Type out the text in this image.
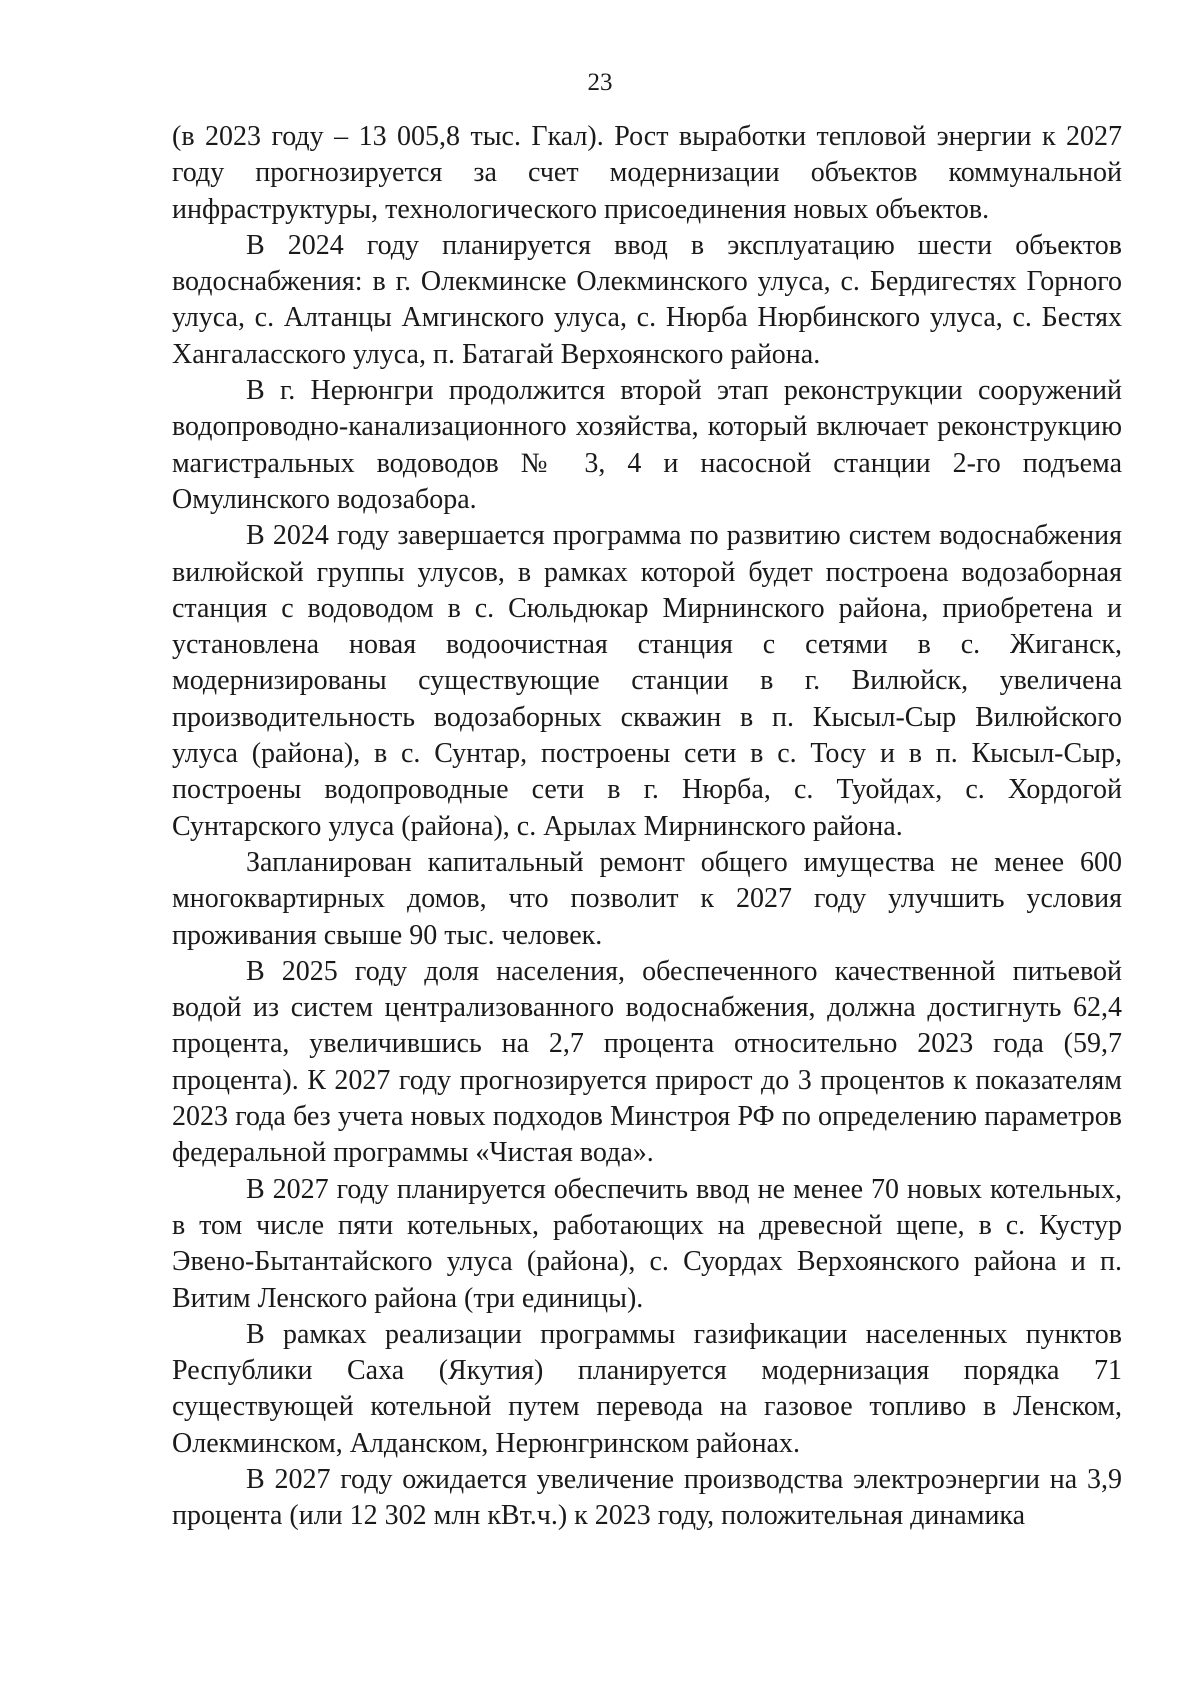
23

(в 2023 году – 13 005,8 тыс. Гкал). Рост выработки тепловой энергии к 2027 году прогнозируется за счет модернизации объектов коммунальной инфраструктуры, технологического присоединения новых объектов.

В 2024 году планируется ввод в эксплуатацию шести объектов водоснабжения: в г. Олекминске Олекминского улуса, с. Бердигестях Горного улуса, с. Алтанцы Амгинского улуса, с. Нюрба Нюрбинского улуса, с. Бестях Хангаласского улуса, п. Батагай Верхоянского района.

В г. Нерюнгри продолжится второй этап реконструкции сооружений водопроводно-канализационного хозяйства, который включает реконструкцию магистральных водоводов № 3, 4 и насосной станции 2-го подъема Омулинского водозабора.

В 2024 году завершается программа по развитию систем водоснабжения вилюйской группы улусов, в рамках которой будет построена водозаборная станция с водоводом в с. Сюльдюкар Мирнинского района, приобретена и установлена новая водоочистная станция с сетями в с. Жиганск, модернизированы существующие станции в г. Вилюйск, увеличена производительность водозаборных скважин в п. Кысыл-Сыр Вилюйского улуса (района), в с. Сунтар, построены сети в с. Тосу и в п. Кысыл-Сыр, построены водопроводные сети в г. Нюрба, с. Туойдах, с. Хордогой Сунтарского улуса (района), с. Арылах Мирнинского района.

Запланирован капитальный ремонт общего имущества не менее 600 многоквартирных домов, что позволит к 2027 году улучшить условия проживания свыше 90 тыс. человек.

В 2025 году доля населения, обеспеченного качественной питьевой водой из систем централизованного водоснабжения, должна достигнуть 62,4 процента, увеличившись на 2,7 процента относительно 2023 года (59,7 процента). К 2027 году прогнозируется прирост до 3 процентов к показателям 2023 года без учета новых подходов Минстроя РФ по определению параметров федеральной программы «Чистая вода».

В 2027 году планируется обеспечить ввод не менее 70 новых котельных, в том числе пяти котельных, работающих на древесной щепе, в с. Кустур Эвено-Бытантайского улуса (района), с. Суордах Верхоянского района и п. Витим Ленского района (три единицы).

В рамках реализации программы газификации населенных пунктов Республики Саха (Якутия) планируется модернизация порядка 71 существующей котельной путем перевода на газовое топливо в Ленском, Олекминском, Алданском, Нерюнгринском районах.

В 2027 году ожидается увеличение производства электроэнергии на 3,9 процента (или 12 302 млн кВт.ч.) к 2023 году, положительная динамика
